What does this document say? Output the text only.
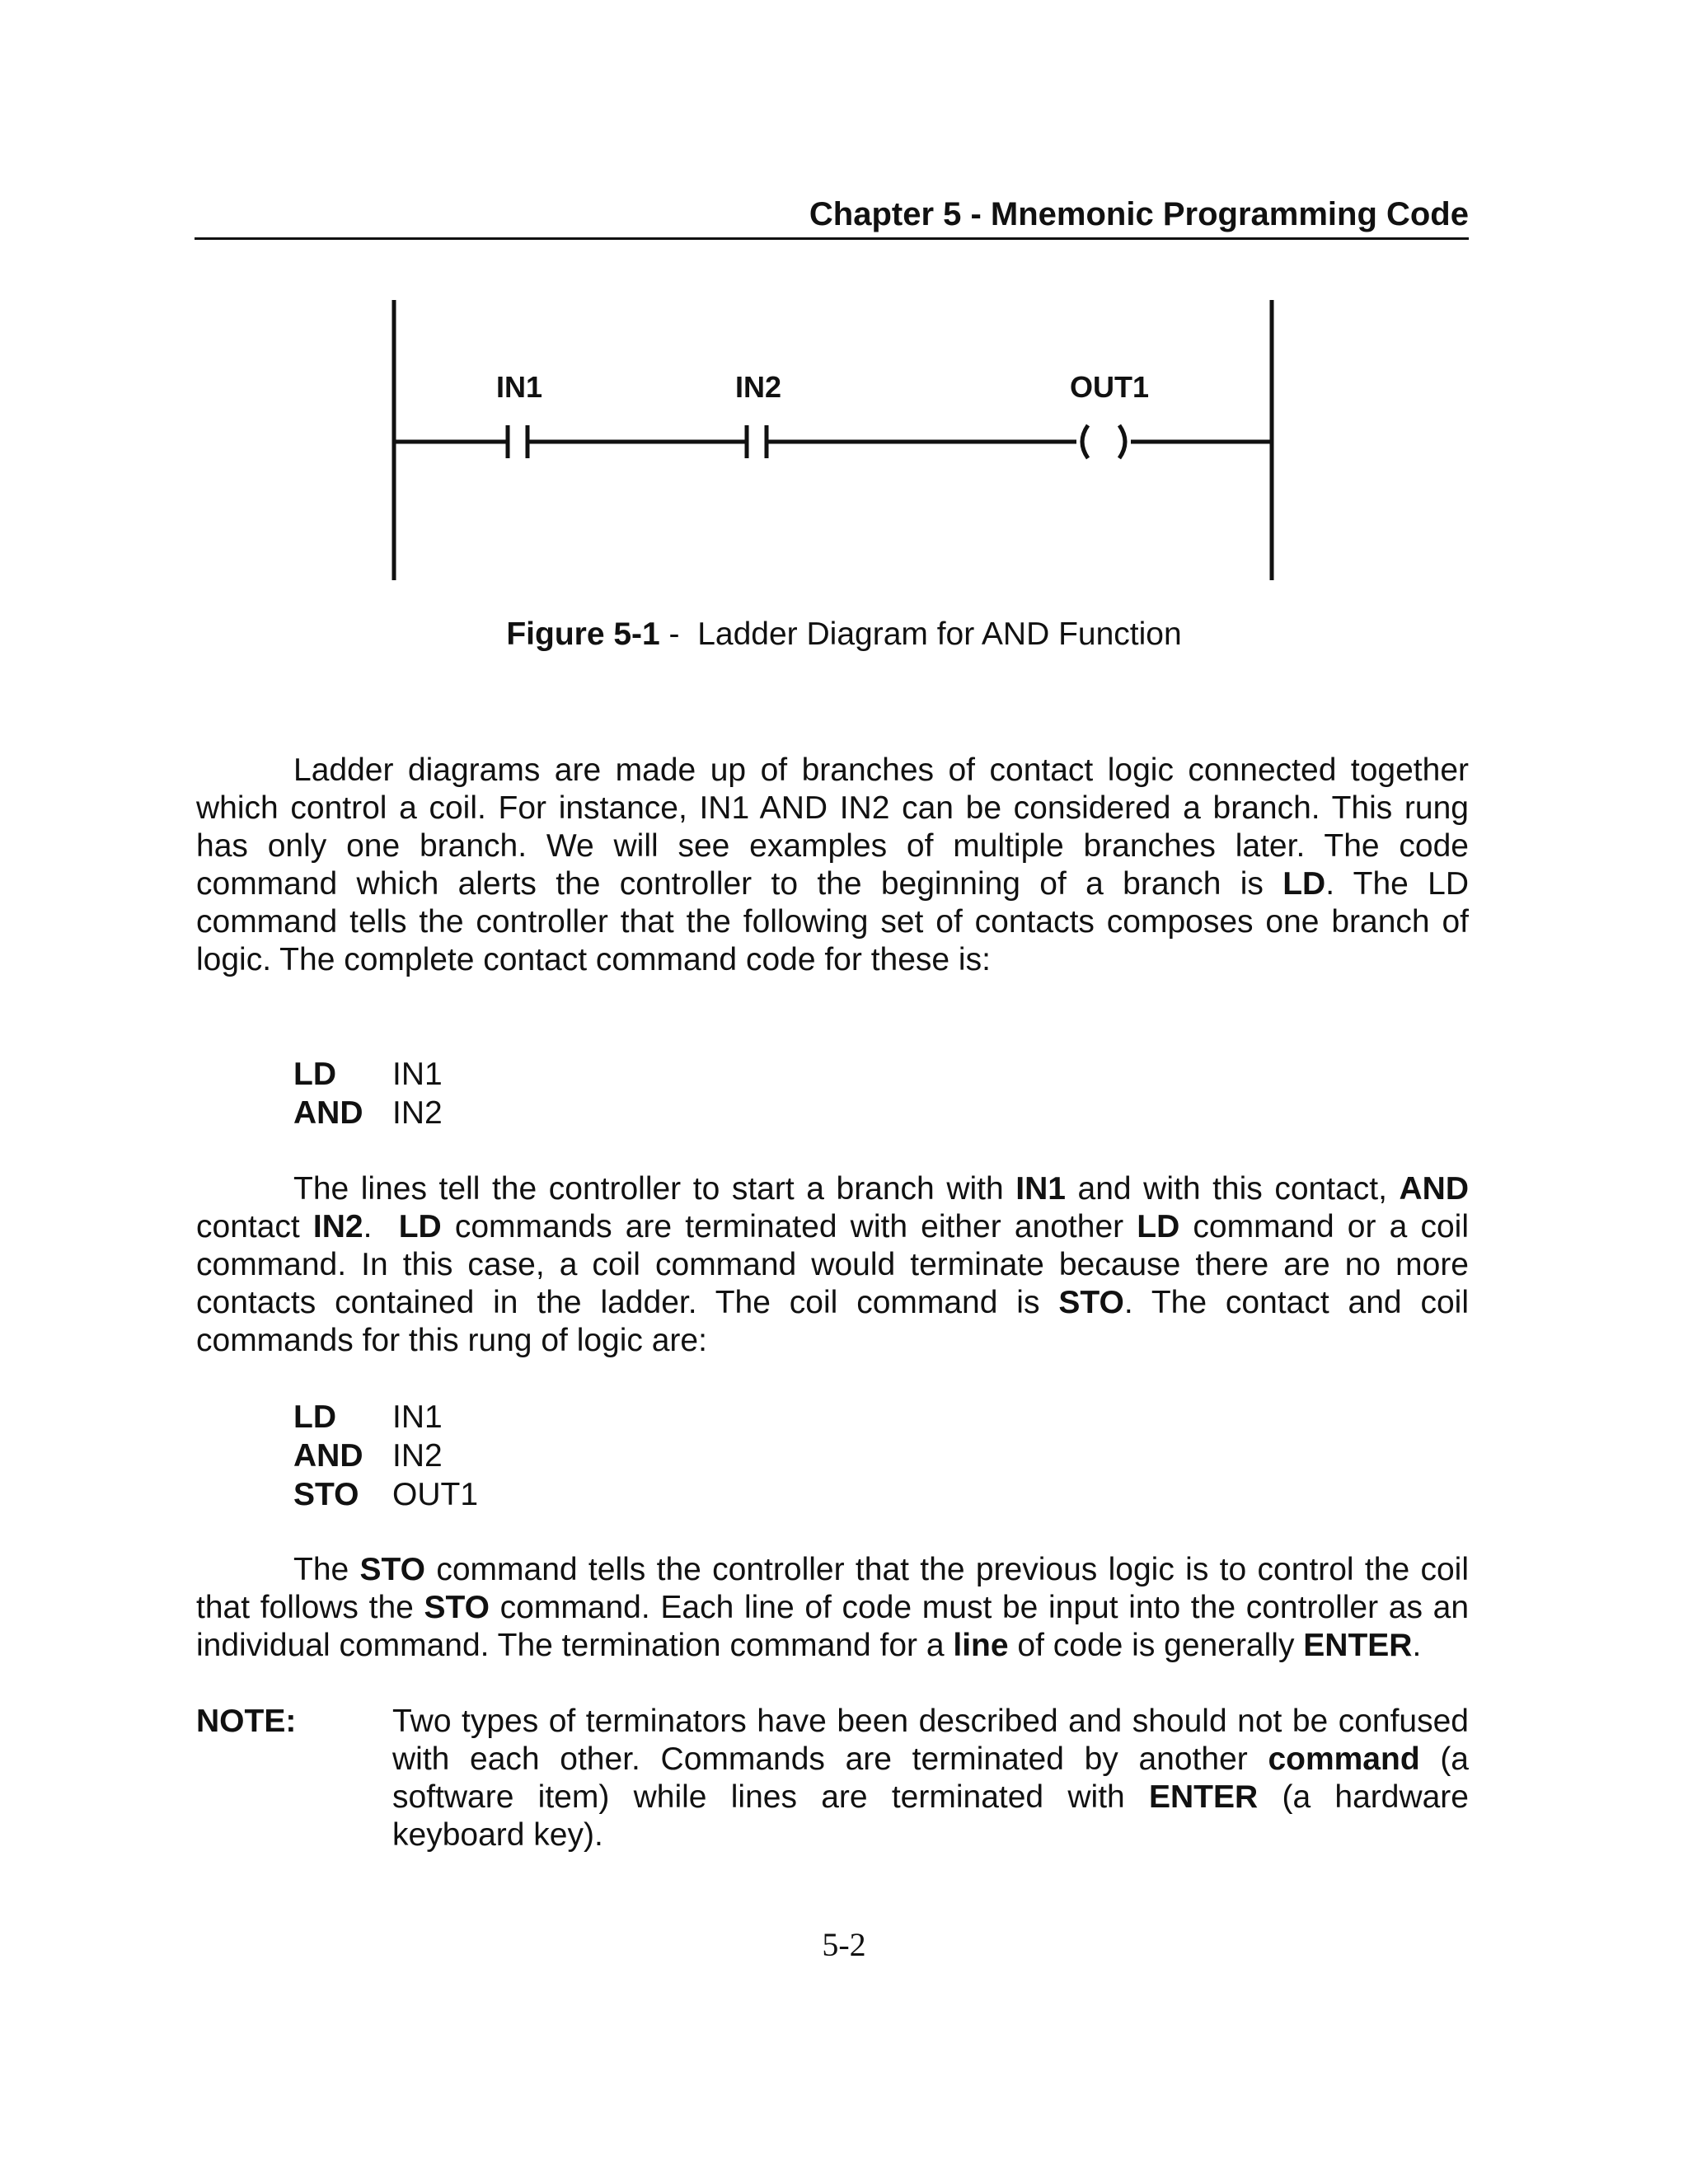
Chapter 5 - Mnemonic Programming Code
IN1	IN2	OUT1
Figure 5-1 -  Ladder Diagram for AND Function

Ladder diagrams are made up of branches of contact logic connected together which control a coil. For instance, IN1 AND IN2 can be considered a branch. This rung has only one branch. We will see examples of multiple branches later. The code command which alerts the controller to the beginning of a branch is LD. The LD command tells the controller that the following set of contacts composes one branch of logic. The complete contact command code for these is:

LD	IN1
AND IN2

The lines tell the controller to start a branch with IN1 and with this contact, AND contact IN2.  LD commands are terminated with either another LD command or a coil command. In this case, a coil command would terminate because there are no more contacts contained in the ladder. The coil command is STO. The contact and coil commands for this rung of logic are:

LD	IN1
AND IN2
STO	OUT1

The STO command tells the controller that the previous logic is to control the coil that follows the STO command. Each line of code must be input into the controller as an individual command. The termination command for a line of code is generally ENTER.

NOTE:	Two types of terminators have been described and should not be confused with each other. Commands are terminated by another command (a software item) while lines are terminated with ENTER (a hardware keyboard key).

5-2
